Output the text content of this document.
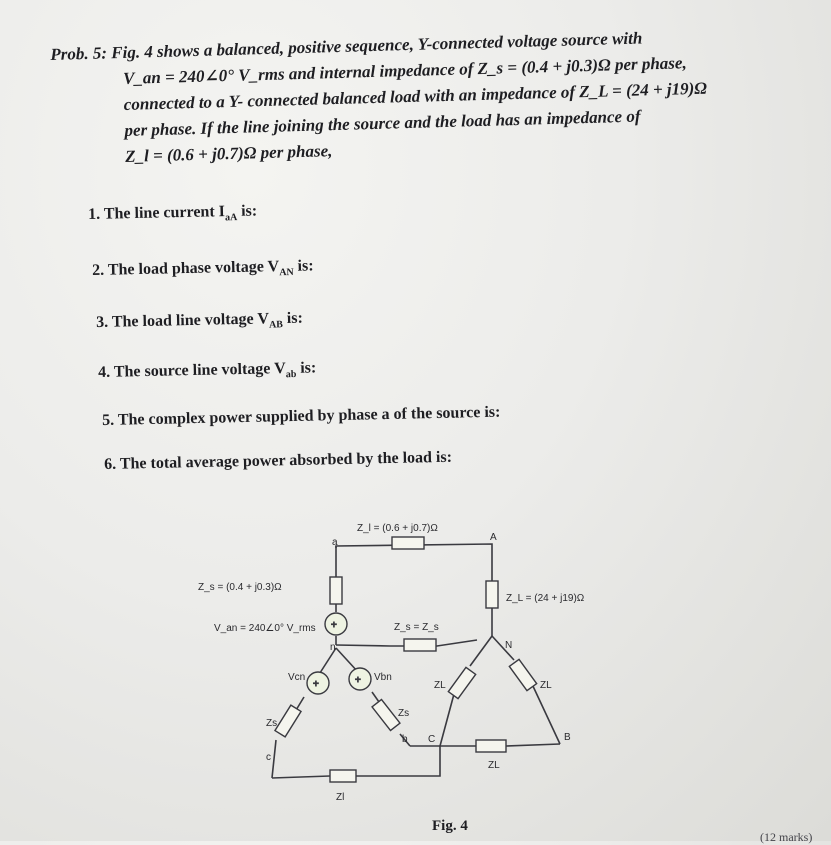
Prob. 5: Fig. 4 shows a balanced, positive sequence, Y-connected voltage source with
V_an = 240∠0° V_rms and internal impedance of Z_s = (0.4 + j0.3)Ω per phase,
connected to a Y- connected balanced load with an impedance of Z_L = (24 + j19)Ω
per phase. If the line joining the source and the load has an impedance of
Z_l = (0.6 + j0.7)Ω per phase,
1. The line current $I_{aA}$ is:
2. The load phase voltage $V_{AN}$ is:
3. The load line voltage $V_{AB}$ is:
4. The source line voltage $V_{ab}$ is:
5. The complex power supplied by phase a of the source is:
6. The total average power absorbed by the load is:
+
+	+
Z_l = (0.6 + j0.7)Ω
Z_s = (0.4 + j0.3)Ω
V_an = 240∠0° V_rms	Z_s = Z_s
Z_L = (24 + j19)Ω
a	A
n	N
b
c
C	B
Vcn	Vbn
Zs
Zs
Zl
ZL	ZL
ZL
Fig. 4
(12 marks)
